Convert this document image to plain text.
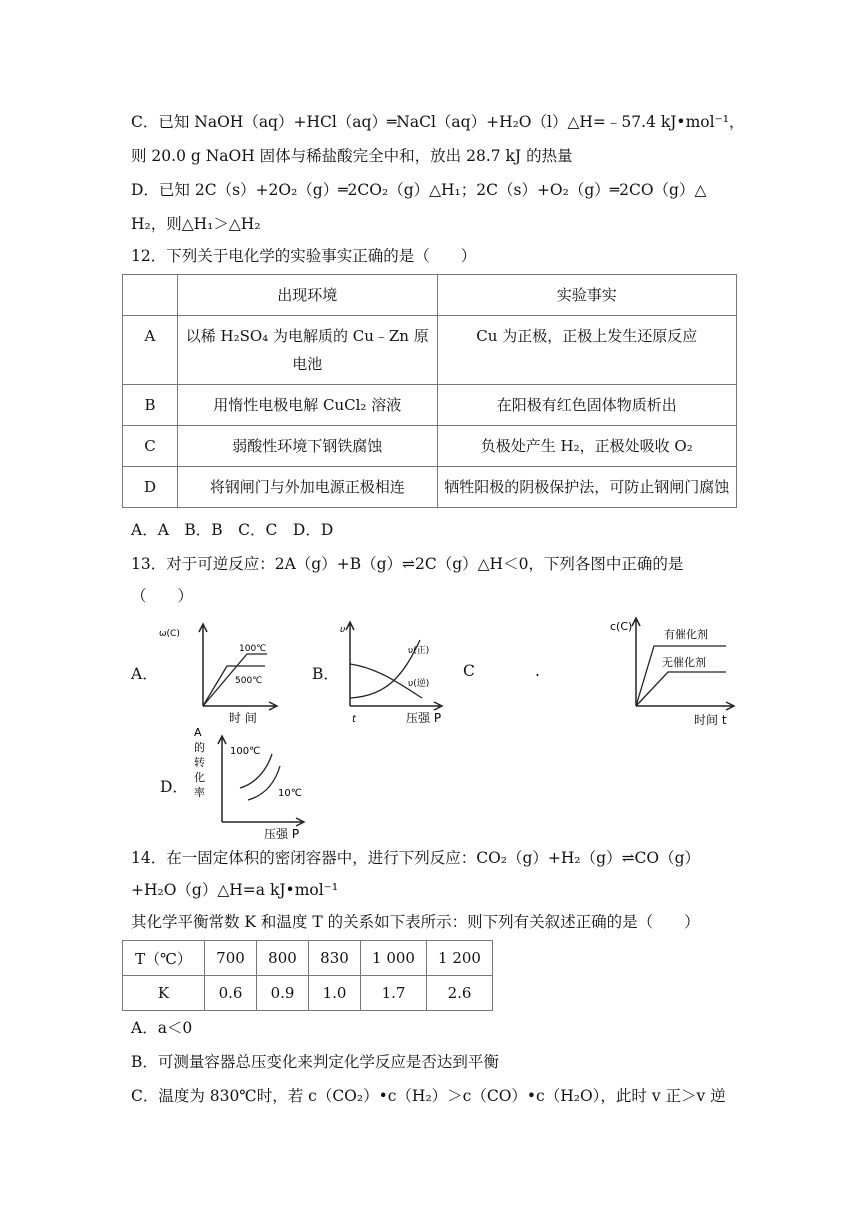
C．已知 NaOH（aq）+HCl（aq）═NaCl（aq）+H₂O（l）△H=﹣57.4 kJ•mol⁻¹，
则 20.0 g NaOH 固体与稀盐酸完全中和，放出 28.7 kJ 的热量
D．已知 2C（s）+2O₂（g）═2CO₂（g）△H₁；2C（s）+O₂（g）═2CO（g）△
H₂，则△H₁＞△H₂
12．下列关于电化学的实验事实正确的是（　　）
	出现环境	实验事实
A	以稀 H₂SO₄ 为电解质的 Cu﹣Zn 原电池	Cu 为正极，正极上发生还原反应
B	用惰性电极电解 CuCl₂ 溶液	在阳极有红色固体物质析出
C	弱酸性环境下钢铁腐蚀	负极处产生 H₂，正极处吸收 O₂
D	将钢闸门与外加电源正极相连	牺牲阳极的阴极保护法，可防止钢闸门腐蚀
A．A　B．B　C．C　D．D
13．对于可逆反应：2A（g）+B（g）⇌2C（g）△H＜0，下列各图中正确的是
（　　）
A．	B．	C	.
D．
ω(C)
100℃
500℃
时 间
υ
υ(正)
υ(逆)
t	压强 P
c(C)
有催化剂
无催化剂
时间 t
A 的转化率
100℃
10℃
压强 P
14．在一固定体积的密闭容器中，进行下列反应：CO₂（g）+H₂（g）⇌CO（g）
+H₂O（g）△H=a kJ•mol⁻¹
其化学平衡常数 K 和温度 T 的关系如下表所示：则下列有关叙述正确的是（　　）
T（℃）	700	800	830	1 000	1 200
K	0.6	0.9	1.0	1.7	2.6
A．a＜0
B．可测量容器总压变化来判定化学反应是否达到平衡
C．温度为 830℃时，若 c（CO₂）•c（H₂）＞c（CO）•c（H₂O），此时 v 正＞v 逆
